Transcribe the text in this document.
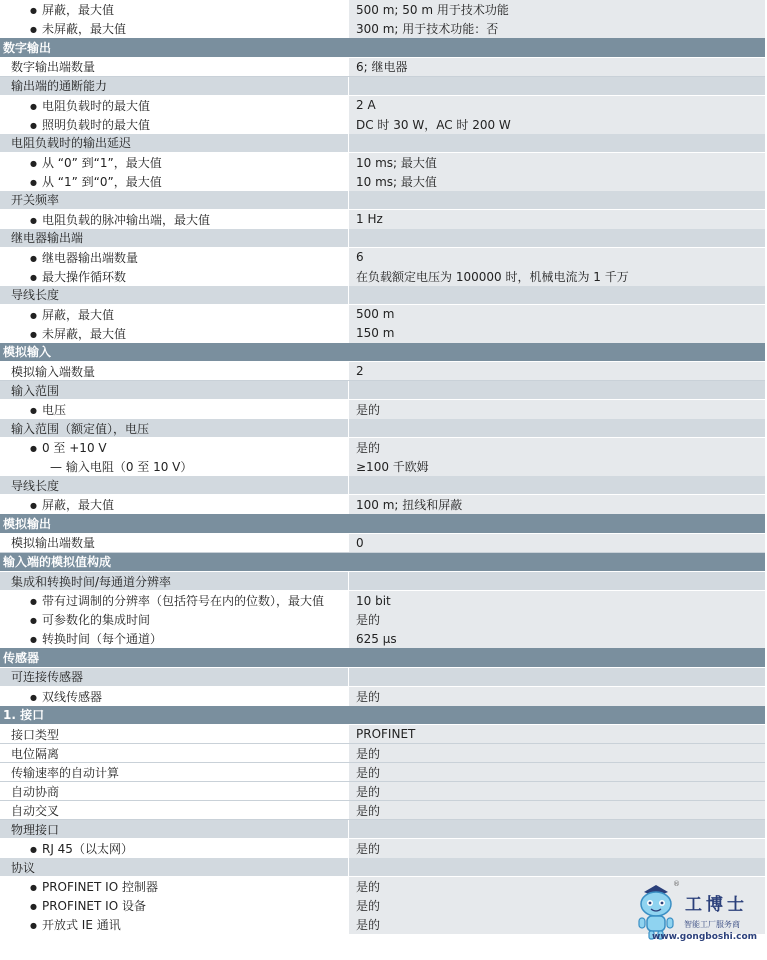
● 屏蔽，最大值	500 m; 50 m 用于技术功能
● 未屏蔽，最大值	300 m; 用于技术功能：否
数字输出
数字输出端数量	6; 继电器
输出端的通断能力
● 电阻负载时的最大值	2 A
● 照明负载时的最大值	DC 时 30 W，AC 时 200 W
电阻负载时的输出延迟
● 从 “0” 到“1”，最大值	10 ms; 最大值
● 从 “1” 到“0”，最大值	10 ms; 最大值
开关频率
● 电阻负载的脉冲输出端，最大值	1 Hz
继电器输出端
● 继电器输出端数量	6
● 最大操作循环数	在负载额定电压为 100000 时，机械电流为 1 千万
导线长度
● 屏蔽，最大值	500 m
● 未屏蔽，最大值	150 m
模拟输入
模拟输入端数量	2
输入范围
● 电压	是的
输入范围（额定值），电压
● 0 至 +10 V	是的
— 输入电阻（0 至 10 V）	≥100 千欧姆
导线长度
● 屏蔽，最大值	100 m; 扭线和屏蔽
模拟输出
模拟输出端数量	0
输入端的模拟值构成
集成和转换时间/每通道分辨率
● 带有过调制的分辨率（包括符号在内的位数），最大值	10 bit
● 可参数化的集成时间	是的
● 转换时间（每个通道）	625 μs
传感器
可连接传感器
● 双线传感器	是的
1. 接口
接口类型	PROFINET
电位隔离	是的
传输速率的自动计算	是的
自动协商	是的
自动交叉	是的
物理接口
● RJ 45（以太网）	是的
协议
● PROFINET IO 控制器	是的
● PROFINET IO 设备	是的
● 开放式 IE 通讯	是的
®
工博士
智能工厂服务商
www.gongboshi.com
